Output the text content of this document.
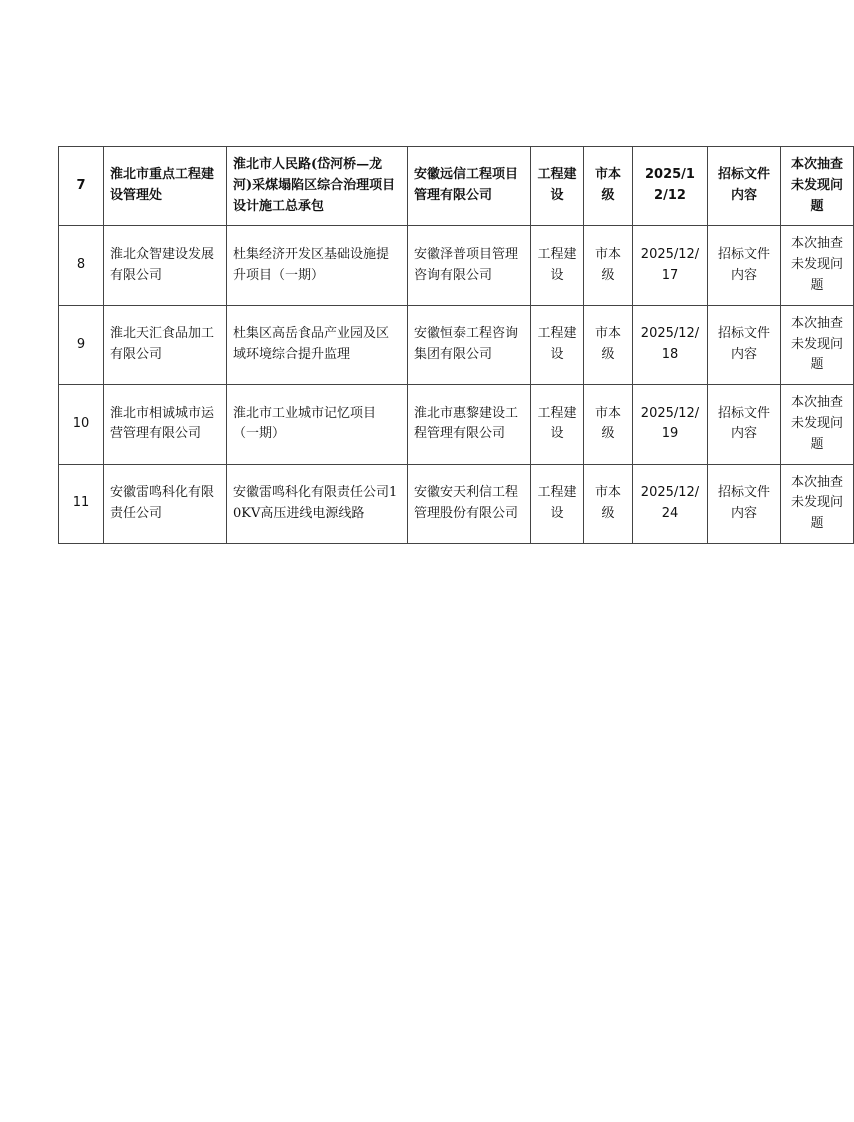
7	淮北市重点工程建设管理处	淮北市人民路(岱河桥—龙河)采煤塌陷区综合治理项目设计施工总承包	安徽远信工程项目管理有限公司	工程建设	市本级	2025/12/12	招标文件内容	本次抽查未发现问题
8	淮北众智建设发展有限公司	杜集经济开发区基础设施提升项目（一期）	安徽泽普项目管理咨询有限公司	工程建设	市本级	2025/12/17	招标文件内容	本次抽查未发现问题
9	淮北天汇食品加工有限公司	杜集区高岳食品产业园及区域环境综合提升监理	安徽恒泰工程咨询集团有限公司	工程建设	市本级	2025/12/18	招标文件内容	本次抽查未发现问题
10	淮北市相诚城市运营管理有限公司	淮北市工业城市记忆项目（一期）	淮北市惠黎建设工程管理有限公司	工程建设	市本级	2025/12/19	招标文件内容	本次抽查未发现问题
11	安徽雷鸣科化有限责任公司	安徽雷鸣科化有限责任公司10KV高压进线电源线路	安徽安天利信工程管理股份有限公司	工程建设	市本级	2025/12/24	招标文件内容	本次抽查未发现问题
